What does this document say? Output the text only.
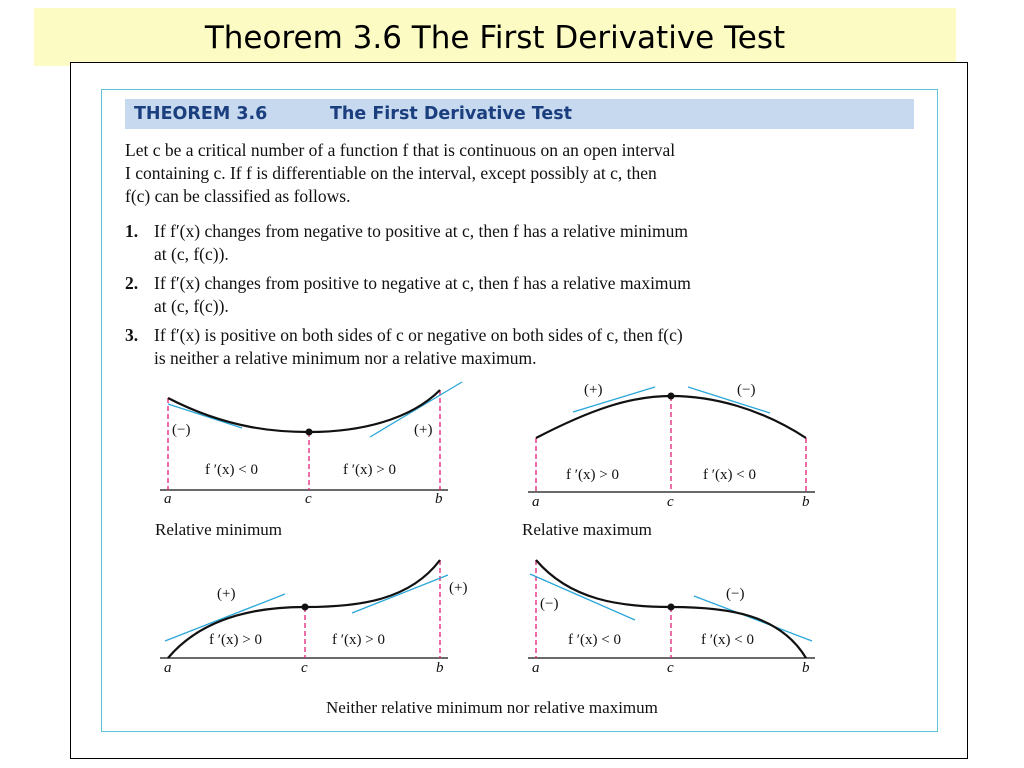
Theorem 3.6 The First Derivative Test
THEOREM 3.6	The First Derivative Test
Let c be a critical number of a function f that is continuous on an open interval
I containing c. If f is differentiable on the interval, except possibly at c, then
f(c) can be classified as follows.
1. If f′(x) changes from negative to positive at c, then f has a relative minimum
at (c, f(c)).
2. If f′(x) changes from positive to negative at c, then f has a relative maximum
at (c, f(c)).
3. If f′(x) is positive on both sides of c or negative on both sides of c, then f(c)
is neither a relative minimum nor a relative maximum.
(−)	(+)
f ′(x) < 0	f ′(x) > 0
a	c	b
Relative minimum
(+)	(−)
f ′(x) > 0	f ′(x) < 0
a	c	b
Relative maximum
(+)	(+)
f ′(x) > 0	f ′(x) > 0
a	c	b
(−)
(−)
f ′(x) < 0	f ′(x) < 0
a	c	b
Neither relative minimum nor relative maximum
